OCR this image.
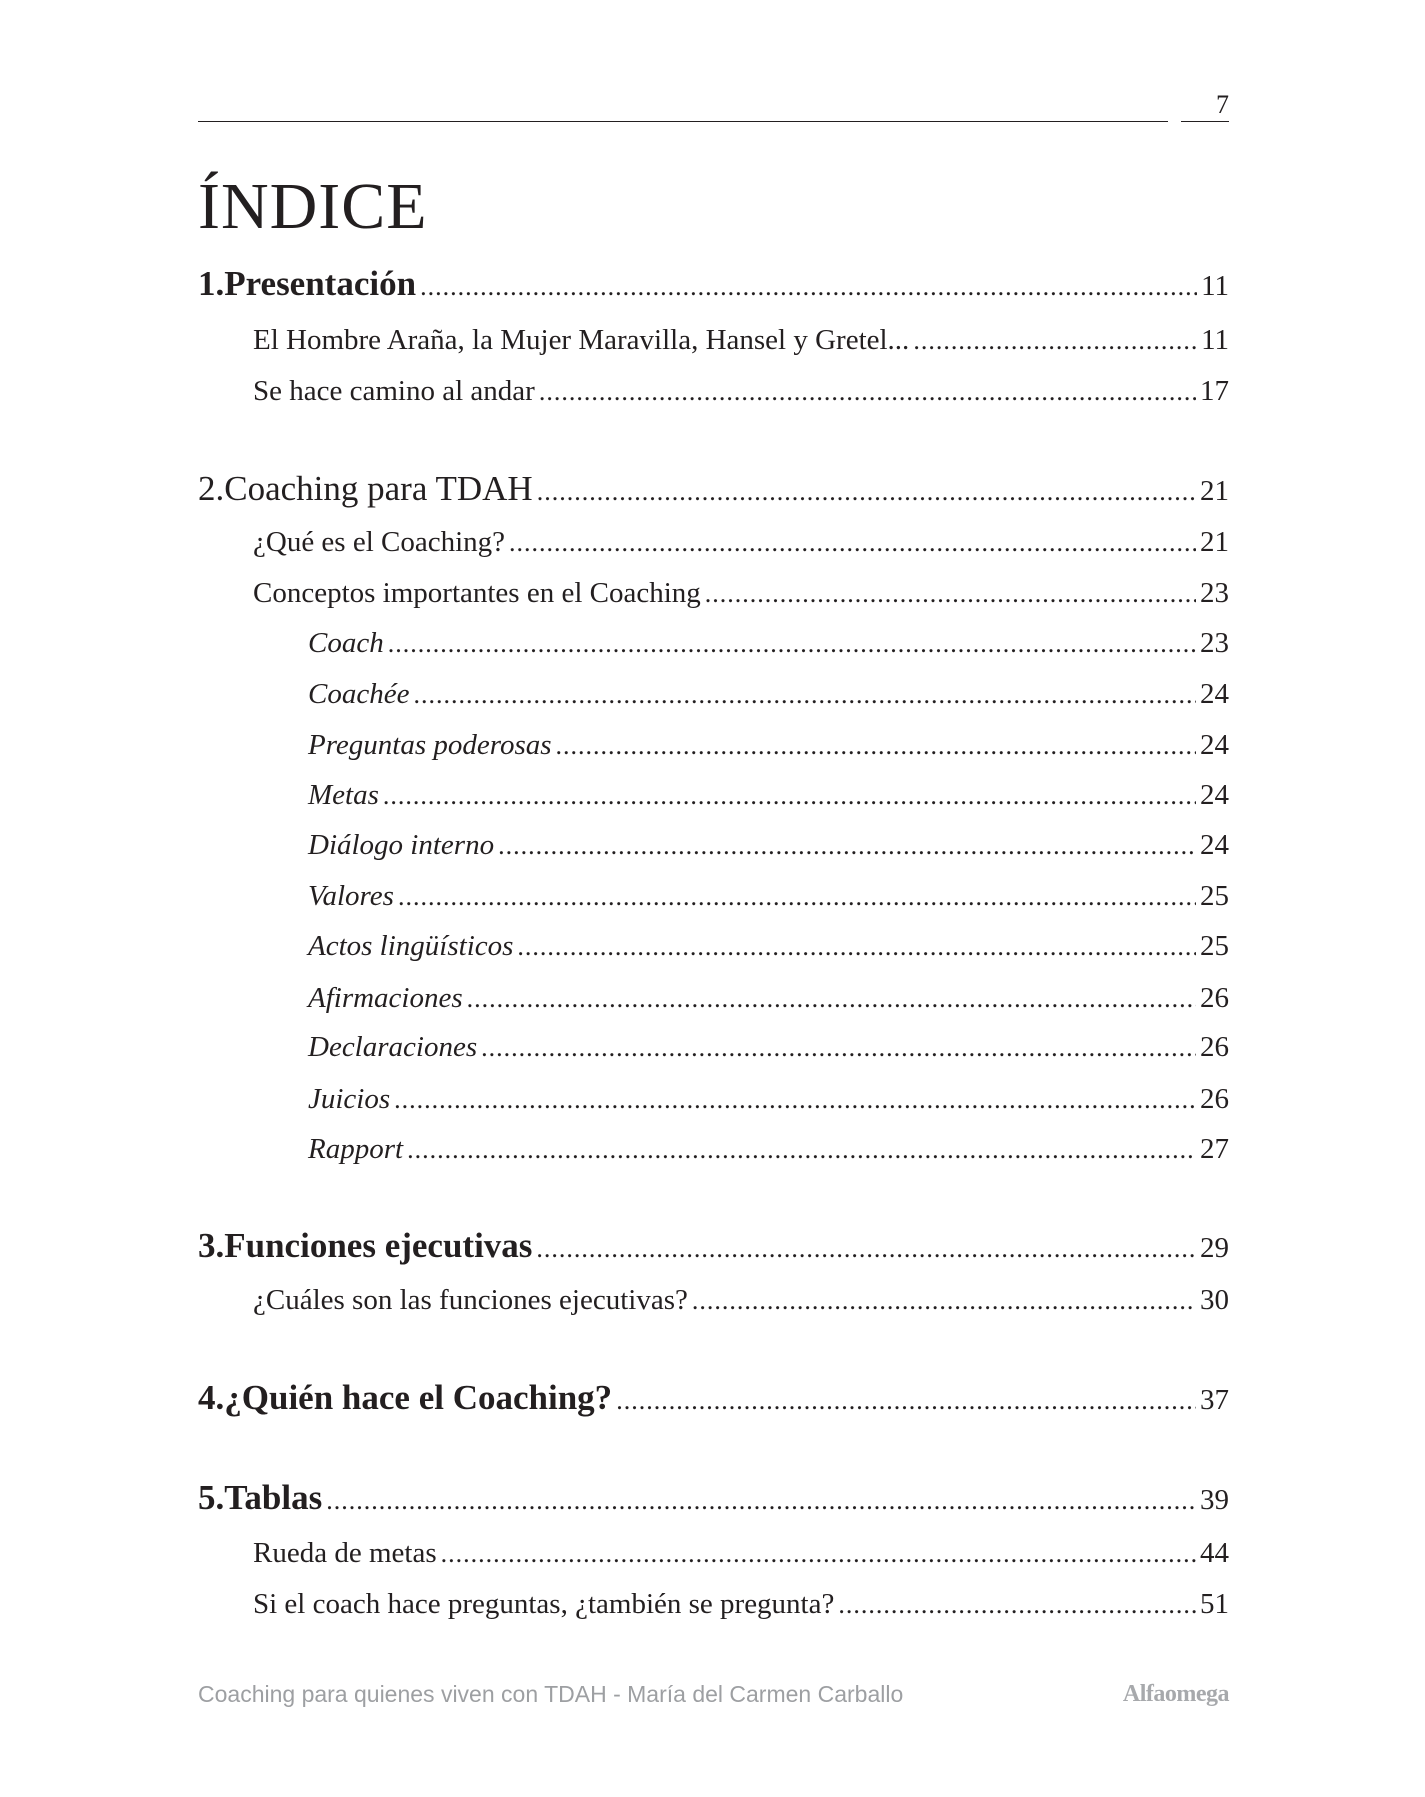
7
ÍNDICE
1. Presentación .....	11
El Hombre Araña, la Mujer Maravilla, Hansel y Gretel... .....	11
Se hace camino al andar .....	17
2. Coaching para TDAH .....	21
¿Qué es el Coaching? .....	21
Conceptos importantes en el Coaching .....	23
Coach .....	23
Coachée .....	24
Preguntas poderosas .....	24
Metas .....	24
Diálogo interno .....	24
Valores .....	25
Actos lingüísticos .....	25
Afirmaciones .....	26
Declaraciones .....	26
Juicios .....	26
Rapport .....	27
3. Funciones ejecutivas .....	29
¿Cuáles son las funciones ejecutivas? .....	30
4. ¿Quién hace el Coaching? .....	37
5. Tablas .....	39
Rueda de metas .....	44
Si el coach hace preguntas, ¿también se pregunta? .....	51
Coaching para quienes viven con TDAH - María del Carmen Carballo	Alfaomega
